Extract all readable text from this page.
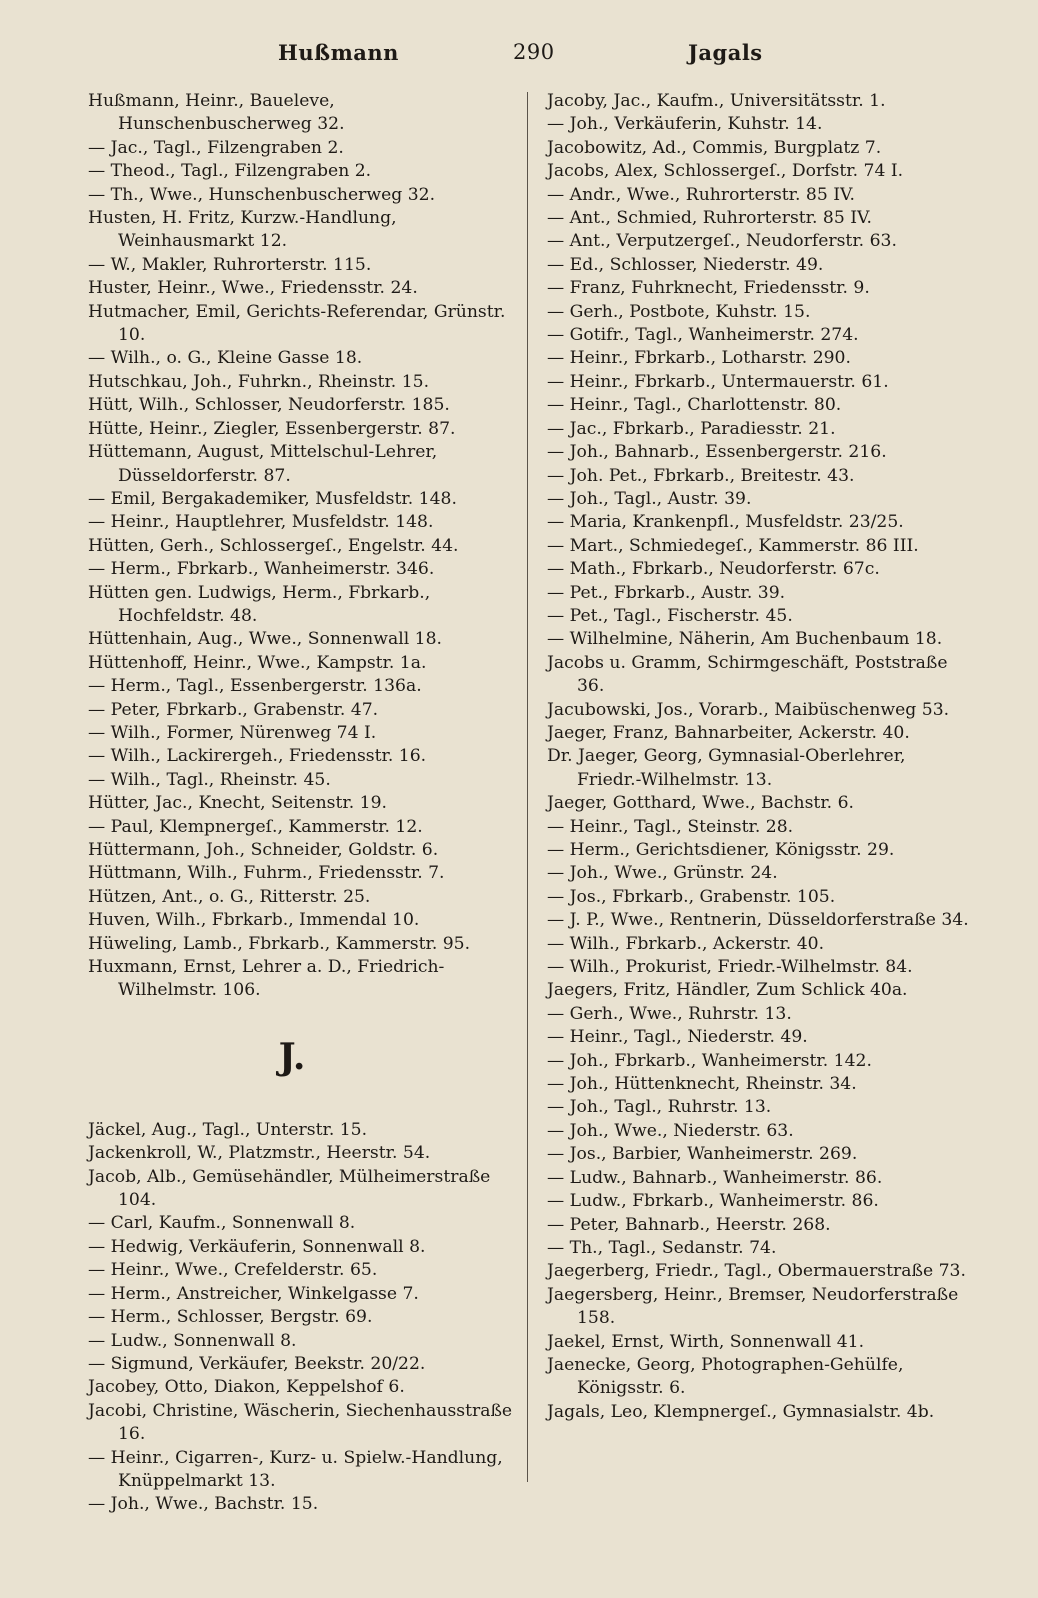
Hußmann	290	Jagals

Hußmann, Heinr., Baueleve, Hunschenbuscherweg 32.

— Jac., Tagl., Filzengraben 2.

— Theod., Tagl., Filzengraben 2.

— Th., Wwe., Hunschenbuscherweg 32.

Husten, H. Fritz, Kurzw.-Handlung, Weinhausmarkt 12.

— W., Makler, Ruhrorterstr. 115.

Huster, Heinr., Wwe., Friedensstr. 24.

Hutmacher, Emil, Gerichts-Referendar, Grünstr. 10.

— Wilh., o. G., Kleine Gasse 18.

Hutschkau, Joh., Fuhrkn., Rheinstr. 15.

Hütt, Wilh., Schlosser, Neudorferstr. 185.

Hütte, Heinr., Ziegler, Essenbergerstr. 87.

Hüttemann, August, Mittelschul-Lehrer, Düsseldorferstr. 87.

— Emil, Bergakademiker, Musfeldstr. 148.

— Heinr., Hauptlehrer, Musfeldstr. 148.

Hütten, Gerh., Schlossergeſ., Engelstr. 44.

— Herm., Fbrkarb., Wanheimerstr. 346.

Hütten gen. Ludwigs, Herm., Fbrkarb., Hochfeldstr. 48.

Hüttenhain, Aug., Wwe., Sonnenwall 18.

Hüttenhoff, Heinr., Wwe., Kampstr. 1a.

— Herm., Tagl., Essenbergerstr. 136a.

— Peter, Fbrkarb., Grabenstr. 47.

— Wilh., Former, Nürenweg 74 I.

— Wilh., Lackirergeh., Friedensstr. 16.

— Wilh., Tagl., Rheinstr. 45.

Hütter, Jac., Knecht, Seitenstr. 19.

— Paul, Klempnergeſ., Kammerstr. 12.

Hüttermann, Joh., Schneider, Goldstr. 6.

Hüttmann, Wilh., Fuhrm., Friedensstr. 7.

Hützen, Ant., o. G., Ritterstr. 25.

Huven, Wilh., Fbrkarb., Immendal 10.

Hüweling, Lamb., Fbrkarb., Kammerstr. 95.

Huxmann, Ernst, Lehrer a. D., Friedrich-Wilhelmstr. 106.

J.

Jäckel, Aug., Tagl., Unterstr. 15.

Jackenkroll, W., Platzmstr., Heerstr. 54.

Jacob, Alb., Gemüsehändler, Mülheimerstraße 104.

— Carl, Kaufm., Sonnenwall 8.

— Hedwig, Verkäuferin, Sonnenwall 8.

— Heinr., Wwe., Crefelderstr. 65.

— Herm., Anstreicher, Winkelgasse 7.

— Herm., Schlosser, Bergstr. 69.

— Ludw., Sonnenwall 8.

— Sigmund, Verkäufer, Beekstr. 20/22.

Jacobey, Otto, Diakon, Keppelshof 6.

Jacobi, Christine, Wäscherin, Siechenhausstraße 16.

— Heinr., Cigarren-, Kurz- u. Spielw.-Handlung, Knüppelmarkt 13.

— Joh., Wwe., Bachstr. 15.

Jacoby, Jac., Kaufm., Universitätsstr. 1.

— Joh., Verkäuferin, Kuhstr. 14.

Jacobowitz, Ad., Commis, Burgplatz 7.

Jacobs, Alex, Schlossergeſ., Dorfstr. 74 I.

— Andr., Wwe., Ruhrorterstr. 85 IV.

— Ant., Schmied, Ruhrorterstr. 85 IV.

— Ant., Verputzergeſ., Neudorferstr. 63.

— Ed., Schlosser, Niederstr. 49.

— Franz, Fuhrknecht, Friedensstr. 9.

— Gerh., Postbote, Kuhstr. 15.

— Gotifr., Tagl., Wanheimerstr. 274.

— Heinr., Fbrkarb., Lotharstr. 290.

— Heinr., Fbrkarb., Untermauerstr. 61.

— Heinr., Tagl., Charlottenstr. 80.

— Jac., Fbrkarb., Paradiesstr. 21.

— Joh., Bahnarb., Essenbergerstr. 216.

— Joh. Pet., Fbrkarb., Breitestr. 43.

— Joh., Tagl., Austr. 39.

— Maria, Krankenpfl., Musfeldstr. 23/25.

— Mart., Schmiedegeſ., Kammerstr. 86 III.

— Math., Fbrkarb., Neudorferstr. 67c.

— Pet., Fbrkarb., Austr. 39.

— Pet., Tagl., Fischerstr. 45.

— Wilhelmine, Näherin, Am Buchenbaum 18.

Jacobs u. Gramm, Schirmgeschäft, Poststraße 36.

Jacubowski, Jos., Vorarb., Maibüschenweg 53.

Jaeger, Franz, Bahnarbeiter, Ackerstr. 40.

Dr. Jaeger, Georg, Gymnasial-Oberlehrer, Friedr.-Wilhelmstr. 13.

Jaeger, Gotthard, Wwe., Bachstr. 6.

— Heinr., Tagl., Steinstr. 28.

— Herm., Gerichtsdiener, Königsstr. 29.

— Joh., Wwe., Grünstr. 24.

— Jos., Fbrkarb., Grabenstr. 105.

— J. P., Wwe., Rentnerin, Düsseldorferstraße 34.

— Wilh., Fbrkarb., Ackerstr. 40.

— Wilh., Prokurist, Friedr.-Wilhelmstr. 84.

Jaegers, Fritz, Händler, Zum Schlick 40a.

— Gerh., Wwe., Ruhrstr. 13.

— Heinr., Tagl., Niederstr. 49.

— Joh., Fbrkarb., Wanheimerstr. 142.

— Joh., Hüttenknecht, Rheinstr. 34.

— Joh., Tagl., Ruhrstr. 13.

— Joh., Wwe., Niederstr. 63.

— Jos., Barbier, Wanheimerstr. 269.

— Ludw., Bahnarb., Wanheimerstr. 86.

— Ludw., Fbrkarb., Wanheimerstr. 86.

— Peter, Bahnarb., Heerstr. 268.

— Th., Tagl., Sedanstr. 74.

Jaegerberg, Friedr., Tagl., Obermauerstraße 73.

Jaegersberg, Heinr., Bremser, Neudorferstraße 158.

Jaekel, Ernst, Wirth, Sonnenwall 41.

Jaenecke, Georg, Photographen-Gehülfe, Königsstr. 6.

Jagals, Leo, Klempnergeſ., Gymnasialstr. 4b.
